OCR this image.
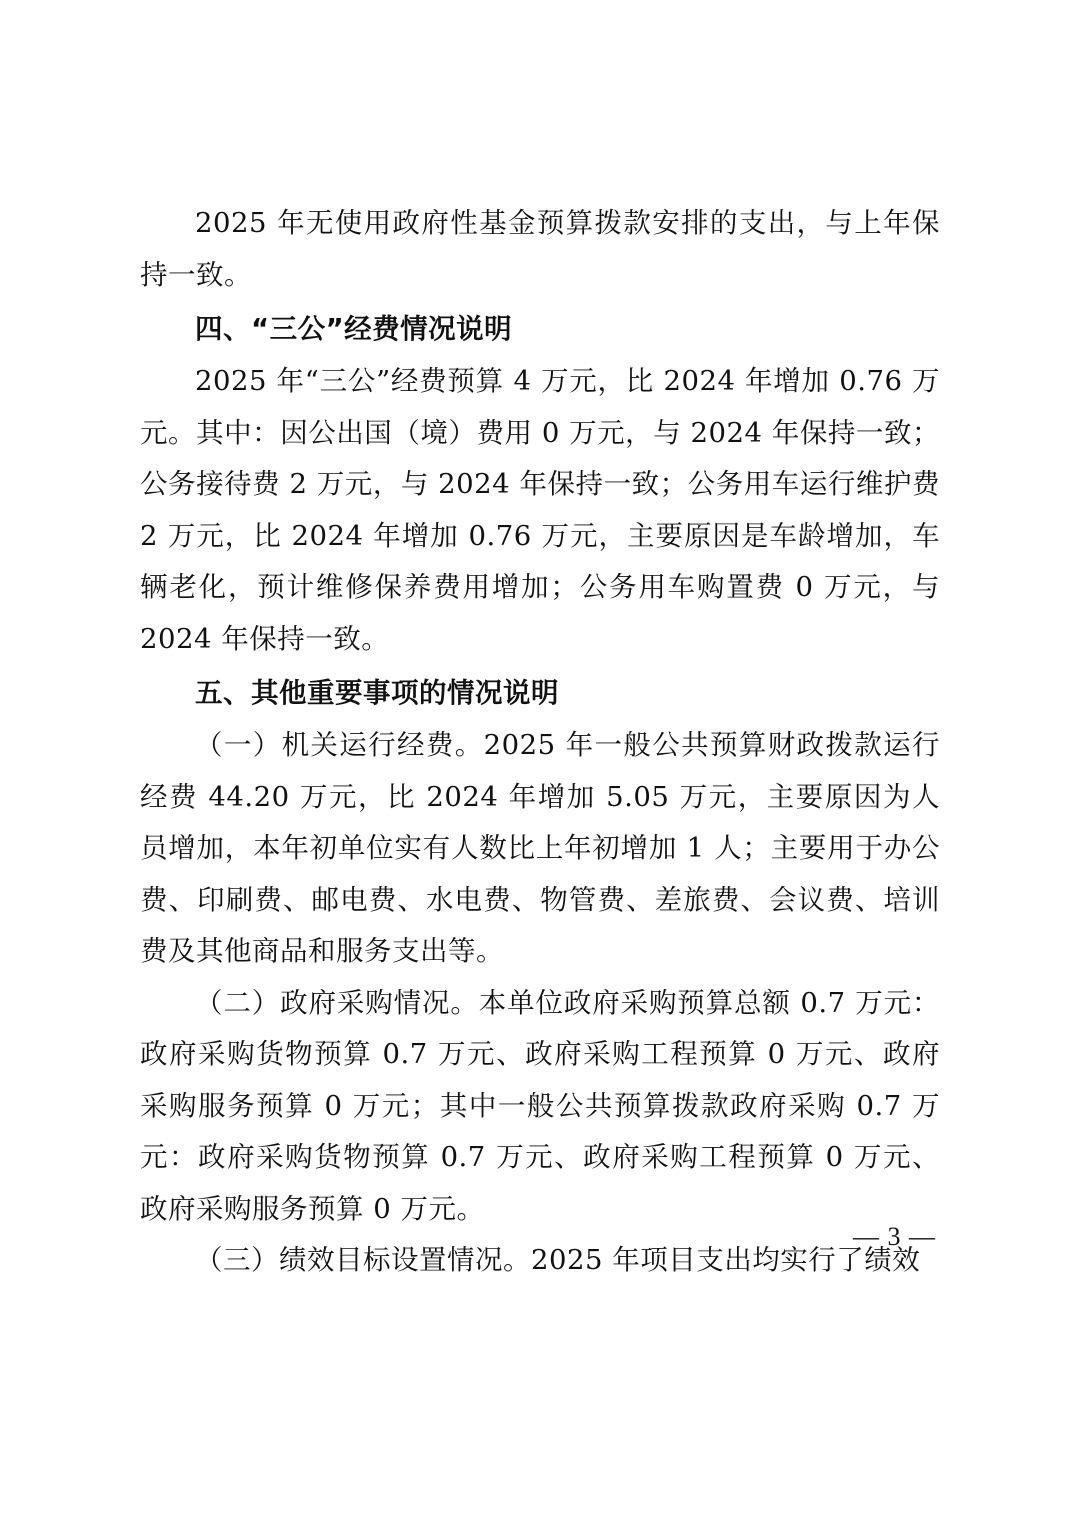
2025 年无使用政府性基金预算拨款安排的支出，与上年保持一致。

四、“三公”经费情况说明

2025 年“三公”经费预算 4 万元，比 2024 年增加 0.76 万元。其中：因公出国（境）费用 0 万元，与 2024 年保持一致；公务接待费 2 万元，与 2024 年保持一致；公务用车运行维护费 2 万元，比 2024 年增加 0.76 万元，主要原因是车龄增加，车辆老化，预计维修保养费用增加；公务用车购置费 0 万元，与 2024 年保持一致。

五、其他重要事项的情况说明

（一）机关运行经费。2025 年一般公共预算财政拨款运行经费 44.20 万元，比 2024 年增加 5.05 万元，主要原因为人员增加，本年初单位实有人数比上年初增加 1 人；主要用于办公费、印刷费、邮电费、水电费、物管费、差旅费、会议费、培训费及其他商品和服务支出等。

（二）政府采购情况。本单位政府采购预算总额 0.7 万元：政府采购货物预算 0.7 万元、政府采购工程预算 0 万元、政府采购服务预算 0 万元；其中一般公共预算拨款政府采购 0.7 万元：政府采购货物预算 0.7 万元、政府采购工程预算 0 万元、政府采购服务预算 0 万元。

（三）绩效目标设置情况。2025 年项目支出均实行了绩效

— 3 —
